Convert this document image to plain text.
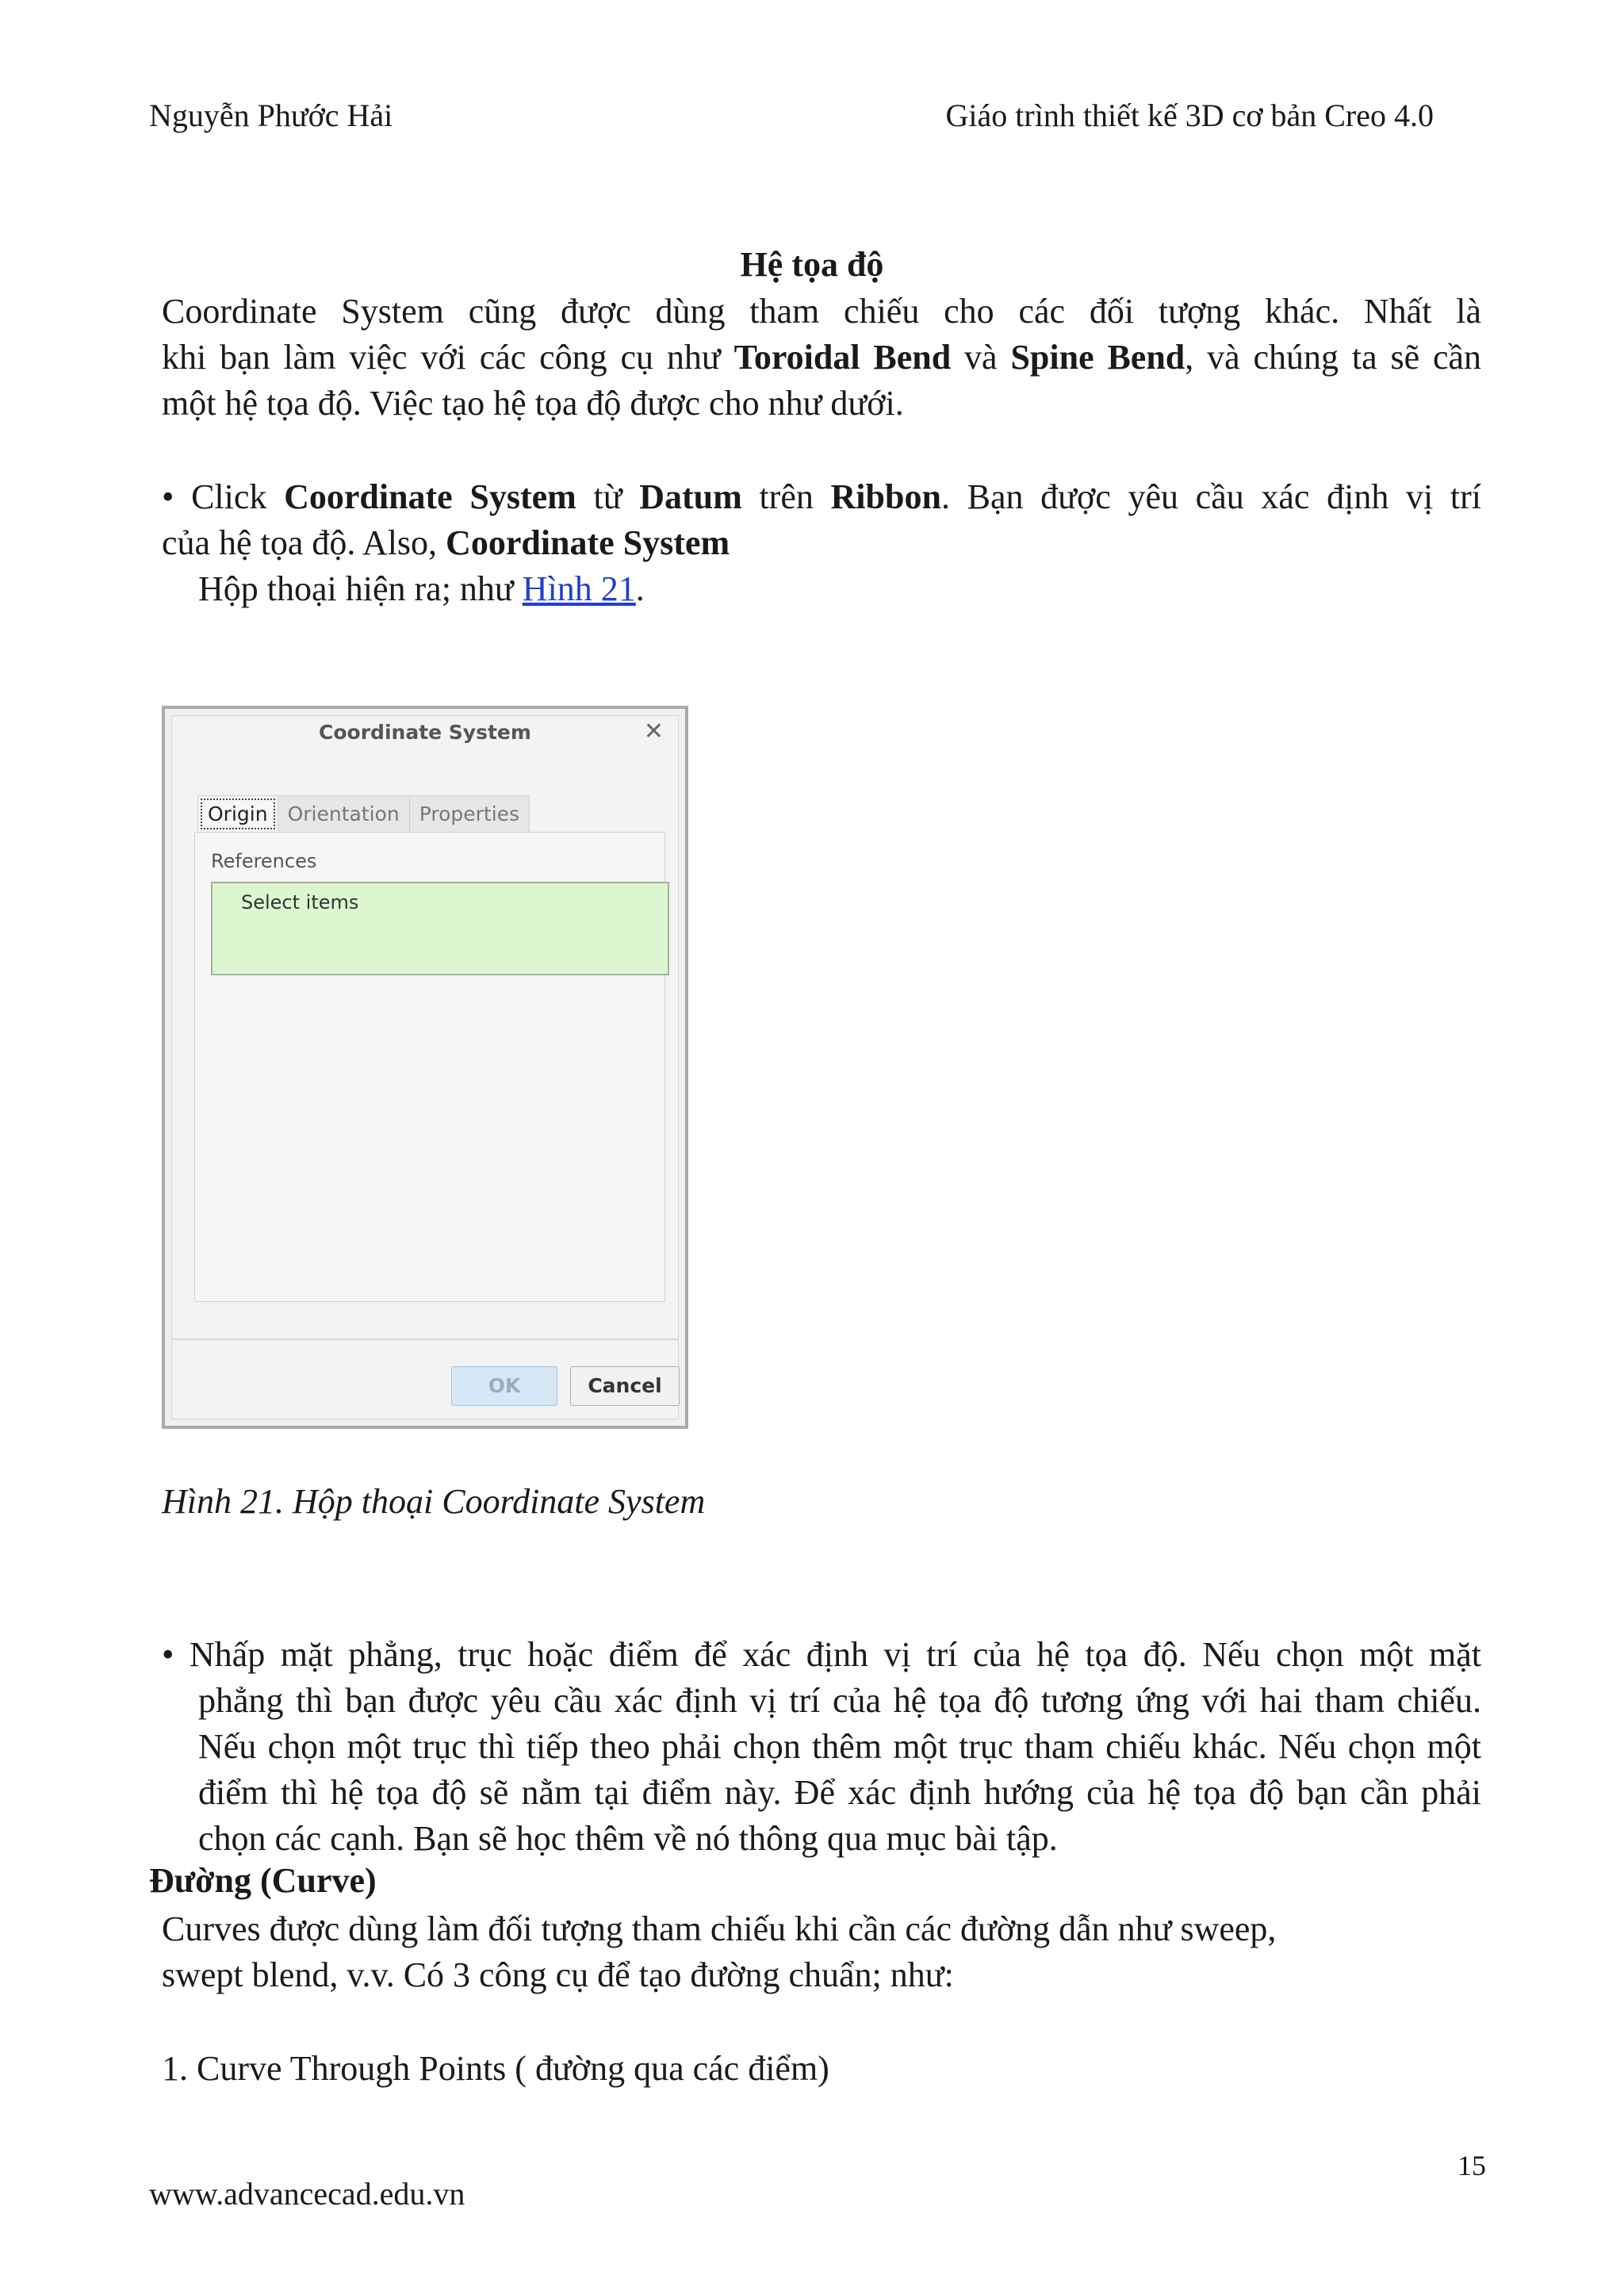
Nguyễn Phước Hải	Giáo trình thiết kế 3D cơ bản Creo 4.0
Hệ tọa độ
Coordinate System cũng được dùng tham chiếu cho các đối tượng khác. Nhất là
khi bạn làm việc với các công cụ như Toroidal Bend và Spine Bend, và chúng ta sẽ cần
một hệ tọa độ. Việc tạo hệ tọa độ được cho như dưới.
• Click Coordinate System từ Datum trên Ribbon. Bạn được yêu cầu xác định vị trí
của hệ tọa độ. Also, Coordinate System
Hộp thoại hiện ra; như Hình 21.
Coordinate System	✕
Origin	Orientation	Properties
References
Select items
OK	Cancel
Hình 21. Hộp thoại Coordinate System
• Nhấp mặt phẳng, trục hoặc điểm để xác định vị trí của hệ tọa độ. Nếu chọn một mặt
phẳng thì bạn được yêu cầu xác định vị trí của hệ tọa độ tương ứng với hai tham chiếu.
Nếu chọn một trục thì tiếp theo phải chọn thêm một trục tham chiếu khác. Nếu chọn một
điểm thì hệ tọa độ sẽ nằm tại điểm này. Để xác định hướng của hệ tọa độ bạn cần phải
chọn các cạnh. Bạn sẽ học thêm về nó thông qua mục bài tập.
Đường (Curve)
Curves được dùng làm đối tượng tham chiếu khi cần các đường dẫn như sweep,
swept blend, v.v. Có 3 công cụ để tạo đường chuẩn; như:
1. Curve Through Points ( đường qua các điểm)
15
www.advancecad.edu.vn
